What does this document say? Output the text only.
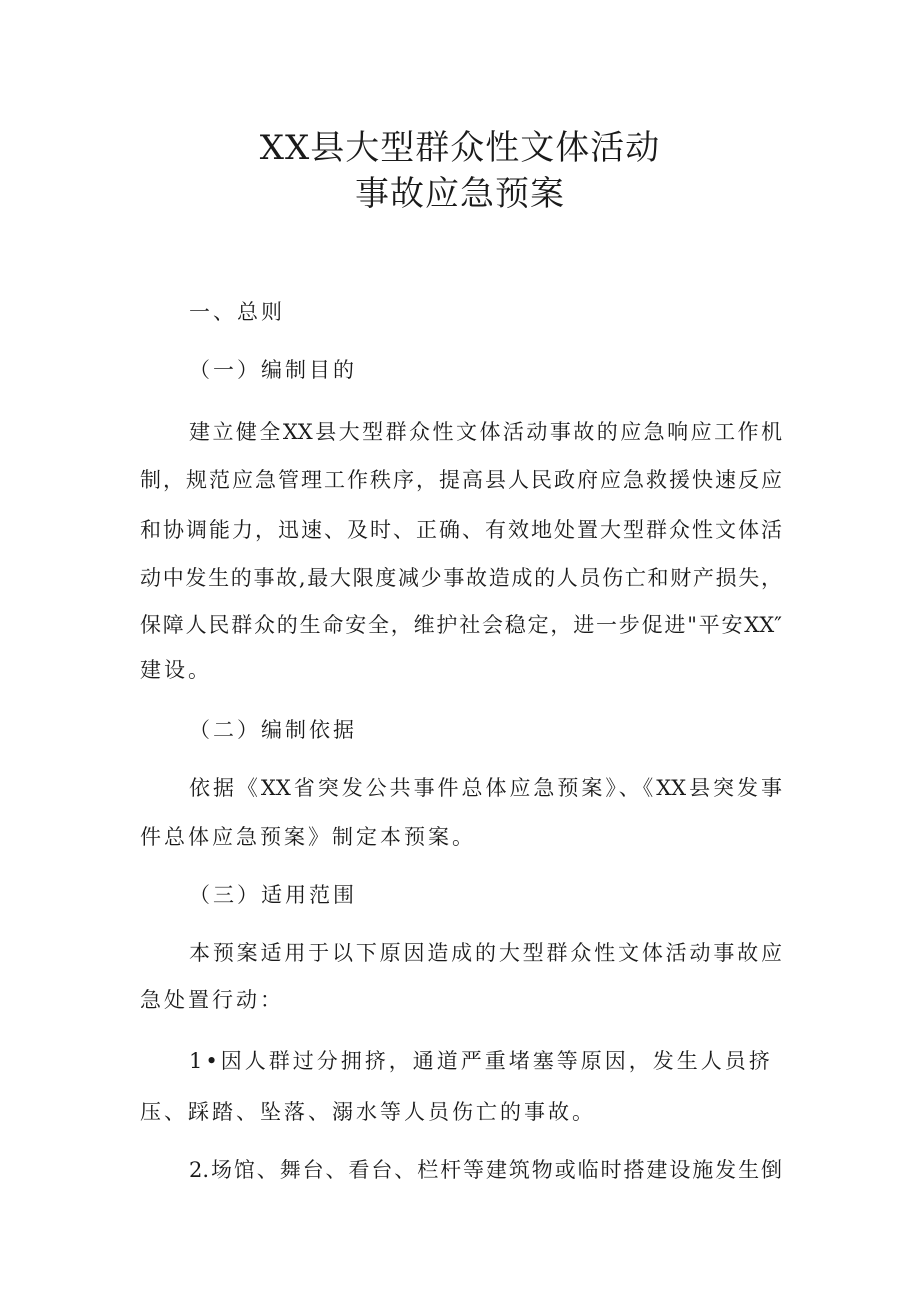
XX县大型群众性文体活动
事故应急预案
一、总则
（一）编制目的
建立健全XX县大型群众性文体活动事故的应急响应工作机
制，规范应急管理工作秩序，提高县人民政府应急救援快速反应
和协调能力，迅速、及时、正确、有效地处置大型群众性文体活
动中发生的事故,最大限度减少事故造成的人员伤亡和财产损失，
保障人民群众的生命安全，维护社会稳定，进一步促进"平安XX″
建设。
（二）编制依据
依据《XX省突发公共事件总体应急预案》、《XX县突发事
件总体应急预案》制定本预案。
（三）适用范围
本预案适用于以下原因造成的大型群众性文体活动事故应
急处置行动：
1•因人群过分拥挤，通道严重堵塞等原因，发生人员挤
压、踩踏、坠落、溺水等人员伤亡的事故。
2.场馆、舞台、看台、栏杆等建筑物或临时搭建设施发生倒
